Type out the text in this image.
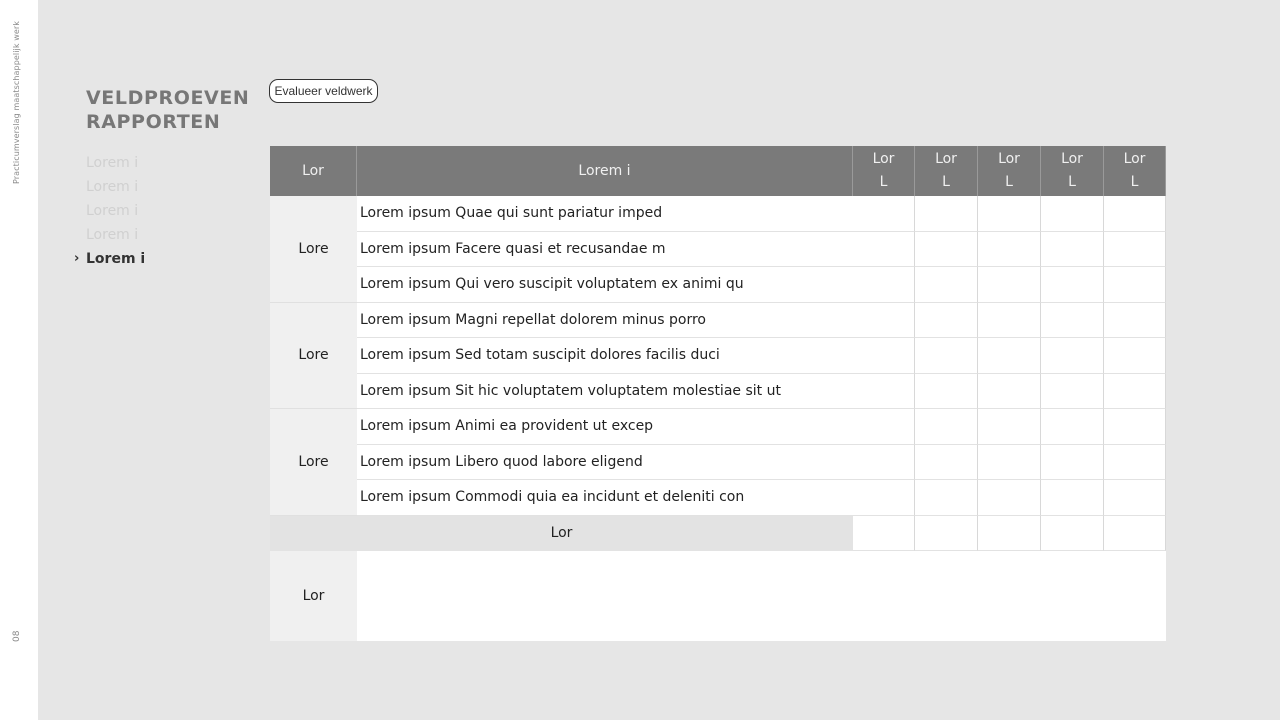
Practicumverslag maatschappelijk werk
08
VELDPROEVEN
RAPPORTEN
Lorem i
Lorem i
Lorem i
Lorem i
› Lorem i
Evalueer veldwerk
Lor	Lorem i
Lor
L
Lor
L
Lor
L
Lor
L
Lor
L
Lore
Lorem ipsum Quae qui sunt pariatur imped
Lorem ipsum Facere quasi et recusandae m
Lorem ipsum Qui vero suscipit voluptatem ex animi qu
Lore
Lorem ipsum Magni repellat dolorem minus porro
Lorem ipsum Sed totam suscipit dolores facilis duci
Lorem ipsum Sit hic voluptatem voluptatem molestiae sit ut
Lore
Lorem ipsum Animi ea provident ut excep
Lorem ipsum Libero quod labore eligend
Lorem ipsum Commodi quia ea incidunt et deleniti con
Lor
Lor
